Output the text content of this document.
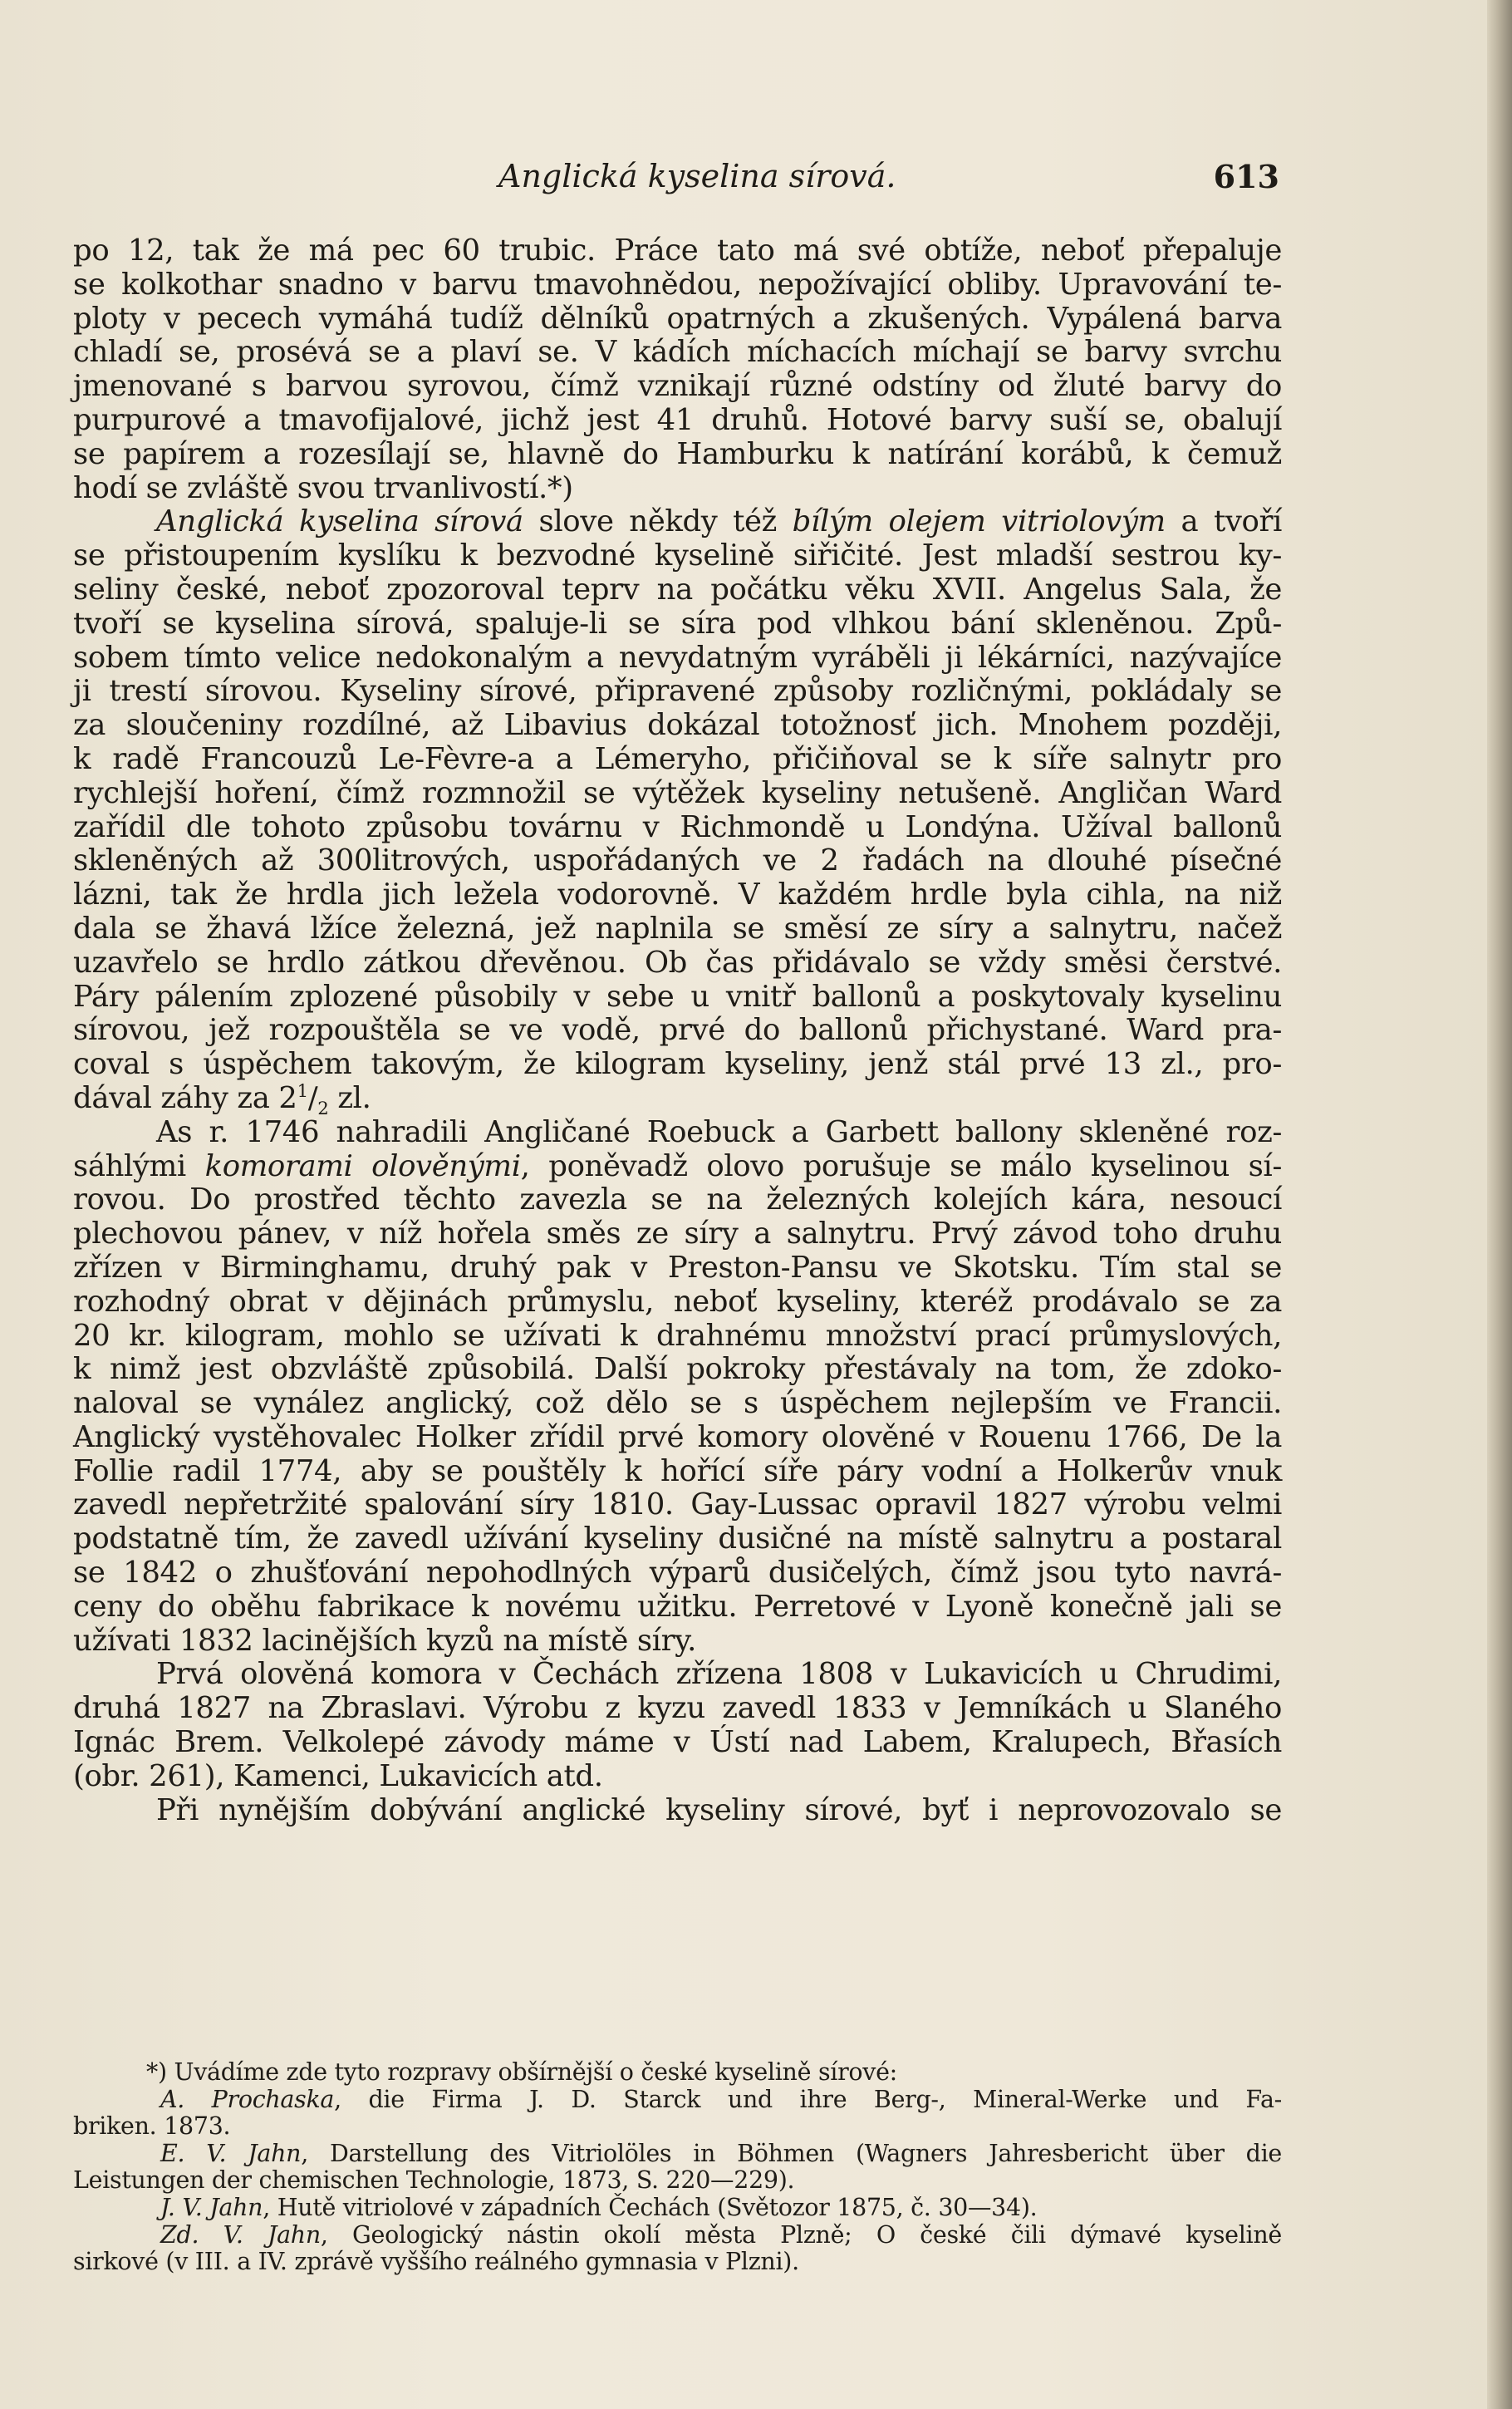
Anglická kyselina sírová.	613
po 12, tak že má pec 60 trubic. Práce tato má své obtíže, neboť přepaluje
se kolkothar snadno v barvu tmavohnědou, nepožívající obliby. Upravování te-
ploty v pecech vymáhá tudíž dělníků opatrných a zkušených. Vypálená barva
chladí se, prosévá se a plaví se. V kádích míchacích míchají se barvy svrchu
jmenované s barvou syrovou, čímž vznikají různé odstíny od žluté barvy do
purpurové a tmavofijalové, jichž jest 41 druhů. Hotové barvy suší se, obalují
se papírem a rozesílají se, hlavně do Hamburku k natírání korábů, k čemuž
hodí se zvláště svou trvanlivostí.*)
Anglická kyselina sírová slove někdy též bílým olejem vitriolovým a tvoří
se přistoupením kyslíku k bezvodné kyselině siřičité. Jest mladší sestrou ky-
seliny české, neboť zpozoroval teprv na počátku věku XVII. Angelus Sala, že
tvoří se kyselina sírová, spaluje-li se síra pod vlhkou bání skleněnou. Způ-
sobem tímto velice nedokonalým a nevydatným vyráběli ji lékárníci, nazývajíce
ji trestí sírovou. Kyseliny sírové, připravené způsoby rozličnými, pokládaly se
za sloučeniny rozdílné, až Libavius dokázal totožnosť jich. Mnohem později,
k radě Francouzů Le-Fèvre-a a Lémeryho, přičiňoval se k síře salnytr pro
rychlejší hoření, čímž rozmnožil se výtěžek kyseliny netušeně. Angličan Ward
zařídil dle tohoto způsobu továrnu v Richmondě u Londýna. Užíval ballonů
skleněných až 300litrových, uspořádaných ve 2 řadách na dlouhé písečné
lázni, tak že hrdla jich ležela vodorovně. V každém hrdle byla cihla, na niž
dala se žhavá lžíce železná, jež naplnila se směsí ze síry a salnytru, načež
uzavřelo se hrdlo zátkou dřevěnou. Ob čas přidávalo se vždy směsi čerstvé.
Páry pálením zplozené působily v sebe u vnitř ballonů a poskytovaly kyselinu
sírovou, jež rozpouštěla se ve vodě, prvé do ballonů přichystané. Ward pra-
coval s úspěchem takovým, že kilogram kyseliny, jenž stál prvé 13 zl., pro-
dával záhy za $2^1/_2$ zl.
As r. 1746 nahradili Angličané Roebuck a Garbett ballony skleněné roz-
sáhlými komorami olověnými, poněvadž olovo porušuje se málo kyselinou sí-
rovou. Do prostřed těchto zavezla se na železných kolejích kára, nesoucí
plechovou pánev, v níž hořela směs ze síry a salnytru. Prvý závod toho druhu
zřízen v Birminghamu, druhý pak v Preston-Pansu ve Skotsku. Tím stal se
rozhodný obrat v dějinách průmyslu, neboť kyseliny, kteréž prodávalo se za
20 kr. kilogram, mohlo se užívati k drahnému množství prací průmyslových,
k nimž jest obzvláště způsobilá. Další pokroky přestávaly na tom, že zdoko-
naloval se vynález anglický, což dělo se s úspěchem nejlepším ve Francii.
Anglický vystěhovalec Holker zřídil prvé komory olověné v Rouenu 1766, De la
Follie radil 1774, aby se pouštěly k hořící síře páry vodní a Holkerův vnuk
zavedl nepřetržité spalování síry 1810. Gay-Lussac opravil 1827 výrobu velmi
podstatně tím, že zavedl užívání kyseliny dusičné na místě salnytru a postaral
se 1842 o zhušťování nepohodlných výparů dusičelých, čímž jsou tyto navrá-
ceny do oběhu fabrikace k novému užitku. Perretové v Lyoně konečně jali se
užívati 1832 lacinějších kyzů na místě síry.
Prvá olověná komora v Čechách zřízena 1808 v Lukavicích u Chrudimi,
druhá 1827 na Zbraslavi. Výrobu z kyzu zavedl 1833 v Jemníkách u Slaného
Ignác Brem. Velkolepé závody máme v Ústí nad Labem, Kralupech, Břasích
(obr. 261), Kamenci, Lukavicích atd.
Při nynějším dobývání anglické kyseliny sírové, byť i neprovozovalo se
*) Uvádíme zde tyto rozpravy obšírnější o české kyselině sírové:
A. Prochaska, die Firma J. D. Starck und ihre Berg-, Mineral-Werke und Fa-
briken. 1873.
E. V. Jahn, Darstellung des Vitriolöles in Böhmen (Wagners Jahresbericht über die
Leistungen der chemischen Technologie, 1873, S. 220—229).
J. V. Jahn, Hutě vitriolové v západních Čechách (Světozor 1875, č. 30—34).
Zd. V. Jahn, Geologický nástin okolí města Plzně; O české čili dýmavé kyselině
sirkové (v III. a IV. zprávě vyššího reálného gymnasia v Plzni).
